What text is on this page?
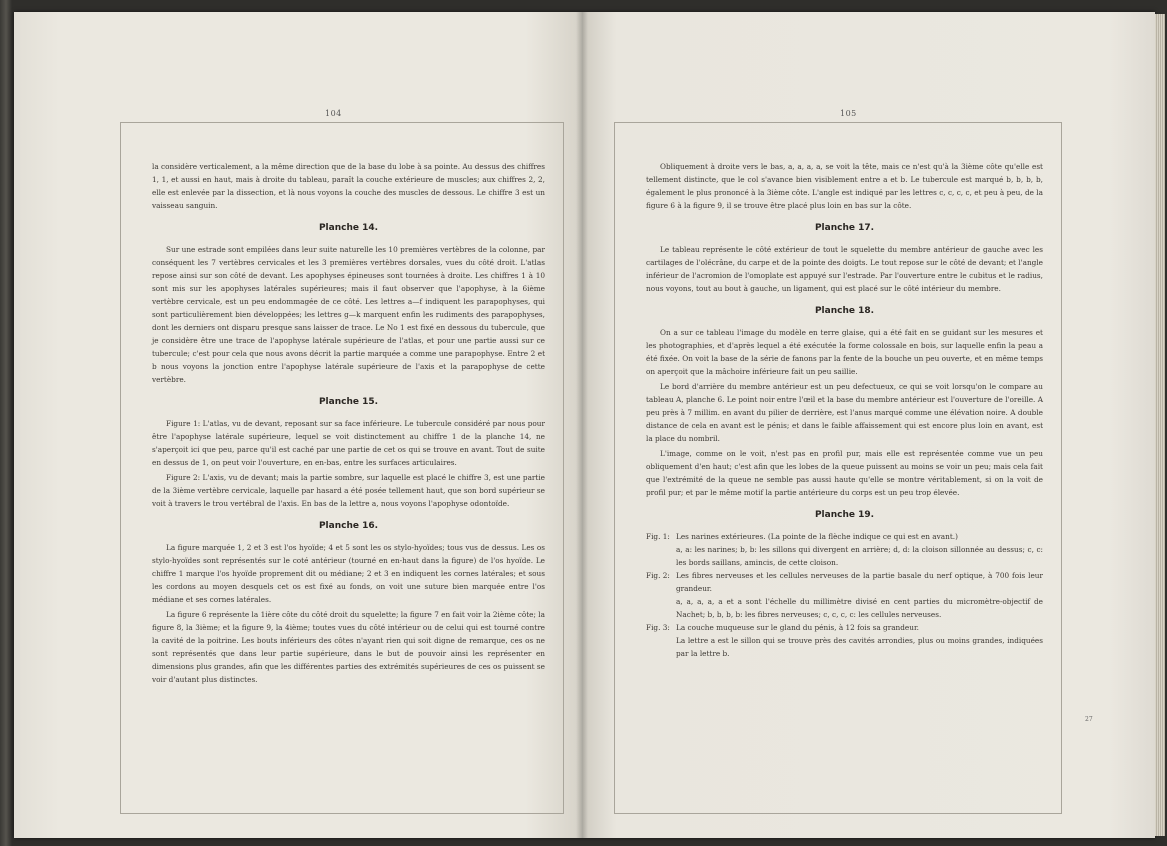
104

la considère verticalement, a la même direction que de la base du lobe à sa pointe. Au dessus des chiffres 1, 1, et aussi en haut, mais à droite du tableau, paraît la couche extérieure de muscles; aux chiffres 2, 2, elle est enlevée par la dissection, et là nous voyons la couche des muscles de dessous. Le chiffre 3 est un vaisseau sanguin.

Planche 14.

Sur une estrade sont empilées dans leur suite naturelle les 10 premières vertèbres de la colonne, par conséquent les 7 vertèbres cervicales et les 3 premières vertèbres dorsales, vues du côté droit. L'atlas repose ainsi sur son côté de devant. Les apophyses épineuses sont tournées à droite. Les chiffres 1 à 10 sont mis sur les apophyses latérales supérieures; mais il faut observer que l'apophyse, à la 6ième vertèbre cervicale, est un peu endommagée de ce côté. Les lettres a—f indiquent les parapophyses, qui sont particulièrement bien développées; les lettres g—k marquent enfin les rudiments des parapophyses, dont les derniers ont disparu presque sans laisser de trace. Le No 1 est fixé en dessous du tubercule, que je considère être une trace de l'apophyse latérale supérieure de l'atlas, et pour une partie aussi sur ce tubercule; c'est pour cela que nous avons décrit la partie marquée a comme une parapophyse. Entre 2 et b nous voyons la jonction entre l'apophyse latérale supérieure de l'axis et la parapophyse de cette vertèbre.

Planche 15.

Figure 1: L'atlas, vu de devant, reposant sur sa face inférieure. Le tubercule considéré par nous pour être l'apophyse latérale supérieure, lequel se voit distinctement au chiffre 1 de la planche 14, ne s'aperçoit ici que peu, parce qu'il est caché par une partie de cet os qui se trouve en avant. Tout de suite en dessus de 1, on peut voir l'ouverture, en en-bas, entre les surfaces articulaires.

Figure 2: L'axis, vu de devant; mais la partie sombre, sur laquelle est placé le chiffre 3, est une partie de la 3ième vertèbre cervicale, laquelle par hasard a été posée tellement haut, que son bord supérieur se voit à travers le trou vertébral de l'axis. En bas de la lettre a, nous voyons l'apophyse odontoïde.

Planche 16.

La figure marquée 1, 2 et 3 est l'os hyoïde; 4 et 5 sont les os stylo-hyoïdes; tous vus de dessus. Les os stylo-hyoïdes sont représentés sur le coté antérieur (tourné en en-haut dans la figure) de l'os hyoïde. Le chiffre 1 marque l'os hyoïde proprement dit ou médiane; 2 et 3 en indiquent les cornes latérales; et sous les cordons au moyen desquels cet os est fixé au fonds, on voit une suture bien marquée entre l'os médiane et ses cornes latérales.

La figure 6 représente la 1ière côte du côté droit du squelette; la figure 7 en fait voir la 2ième côte; la figure 8, la 3ième; et la figure 9, la 4ième; toutes vues du côté intérieur ou de celui qui est tourné contre la cavité de la poitrine. Les bouts inférieurs des côtes n'ayant rien qui soit digne de remarque, ces os ne sont représentés que dans leur partie supérieure, dans le but de pouvoir ainsi les représenter en dimensions plus grandes, afin que les différentes parties des extrémités supérieures de ces os puissent se voir d'autant plus distinctes.

105

Obliquement à droite vers le bas, a, a, a, a, se voit la tête, mais ce n'est qu'à la 3ième côte qu'elle est tellement distincte, que le col s'avance bien visiblement entre a et b. Le tubercule est marqué b, b, b, b, également le plus prononcé à la 3ième côte. L'angle est indiqué par les lettres c, c, c, c, et peu à peu, de la figure 6 à la figure 9, il se trouve être placé plus loin en bas sur la côte.

Planche 17.

Le tableau représente le côté extérieur de tout le squelette du membre antérieur de gauche avec les cartilages de l'olécrâne, du carpe et de la pointe des doigts. Le tout repose sur le côté de devant; et l'angle inférieur de l'acromion de l'omoplate est appuyé sur l'estrade. Par l'ouverture entre le cubitus et le radius, nous voyons, tout au bout à gauche, un ligament, qui est placé sur le côté intérieur du membre.

Planche 18.

On a sur ce tableau l'image du modèle en terre glaise, qui a été fait en se guidant sur les mesures et les photographies, et d'après lequel a été exécutée la forme colossale en bois, sur laquelle enfin la peau a été fixée. On voit la base de la série de fanons par la fente de la bouche un peu ouverte, et en même temps on aperçoit que la mâchoire inférieure fait un peu saillie.

Le bord d'arrière du membre antérieur est un peu defectueux, ce qui se voit lorsqu'on le compare au tableau A, planche 6. Le point noir entre l'œil et la base du membre antérieur est l'ouverture de l'oreille. A peu près à 7 millim. en avant du pilier de derrière, est l'anus marqué comme une élévation noire. A double distance de cela en avant est le pénis; et dans le faible affaissement qui est encore plus loin en avant, est la place du nombril.

L'image, comme on le voit, n'est pas en profil pur, mais elle est représentée comme vue un peu obliquement d'en haut; c'est afin que les lobes de la queue puissent au moins se voir un peu; mais cela fait que l'extrémité de la queue ne semble pas aussi haute qu'elle se montre véritablement, si on la voit de profil pur; et par le même motif la partie antérieure du corps est un peu trop élevée.

Planche 19.
Fig. 1: Les narines extérieures. (La pointe de la flèche indique ce qui est en avant.)

a, a: les narines; b, b: les sillons qui divergent en arrière; d, d: la cloison sillonnée au dessus; c, c: les bords saillans, amincis, de cette cloison.

Fig. 2: Les fibres nerveuses et les cellules nerveuses de la partie basale du nerf optique, à 700 fois leur grandeur.

a, a, a, a, a et a sont l'échelle du millimètre divisé en cent parties du micromètre-objectif de Nachet; b, b, b, b: les fibres nerveuses; c, c, c, c: les cellules nerveuses.

Fig. 3: La couche muqueuse sur le gland du pénis, à 12 fois sa grandeur.

La lettre a est le sillon qui se trouve près des cavités arrondies, plus ou moins grandes, indiquées par la lettre b.

27
